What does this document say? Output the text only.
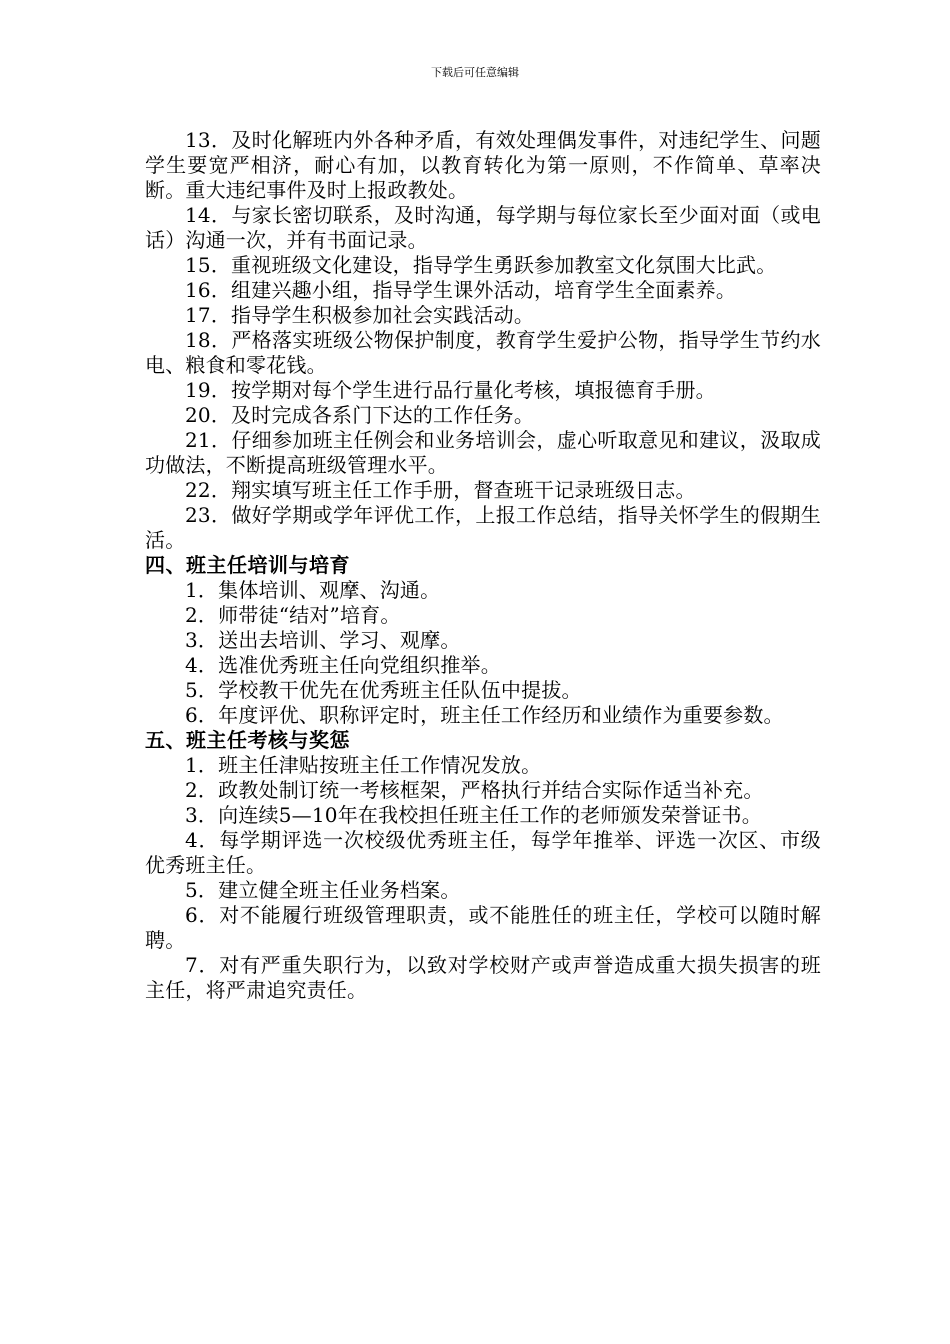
下载后可任意编辑

13．及时化解班内外各种矛盾，有效处理偶发事件，对违纪学生、问题学生要宽严相济，耐心有加，以教育转化为第一原则，不作简单、草率决断。重大违纪事件及时上报政教处。

14．与家长密切联系，及时沟通，每学期与每位家长至少面对面（或电话）沟通一次，并有书面记录。

15．重视班级文化建设，指导学生勇跃参加教室文化氛围大比武。

16．组建兴趣小组，指导学生课外活动，培育学生全面素养。

17．指导学生积极参加社会实践活动。

18．严格落实班级公物保护制度，教育学生爱护公物，指导学生节约水电、粮食和零花钱。

19．按学期对每个学生进行品行量化考核，填报德育手册。

20．及时完成各系门下达的工作任务。

21．仔细参加班主任例会和业务培训会，虚心听取意见和建议，汲取成功做法，不断提高班级管理水平。

22．翔实填写班主任工作手册，督查班干记录班级日志。

23．做好学期或学年评优工作，上报工作总结，指导关怀学生的假期生活。

四、班主任培训与培育

1．集体培训、观摩、沟通。

2．师带徒“结对”培育。

3．送出去培训、学习、观摩。

4．选准优秀班主任向党组织推举。

5．学校教干优先在优秀班主任队伍中提拔。

6．年度评优、职称评定时，班主任工作经历和业绩作为重要参数。

五、班主任考核与奖惩

1．班主任津贴按班主任工作情况发放。

2．政教处制订统一考核框架，严格执行并结合实际作适当补充。

3．向连续5—10年在我校担任班主任工作的老师颁发荣誉证书。

4．每学期评选一次校级优秀班主任，每学年推举、评选一次区、市级优秀班主任。

5．建立健全班主任业务档案。

6．对不能履行班级管理职责，或不能胜任的班主任，学校可以随时解聘。

7．对有严重失职行为，以致对学校财产或声誉造成重大损失损害的班主任，将严肃追究责任。
